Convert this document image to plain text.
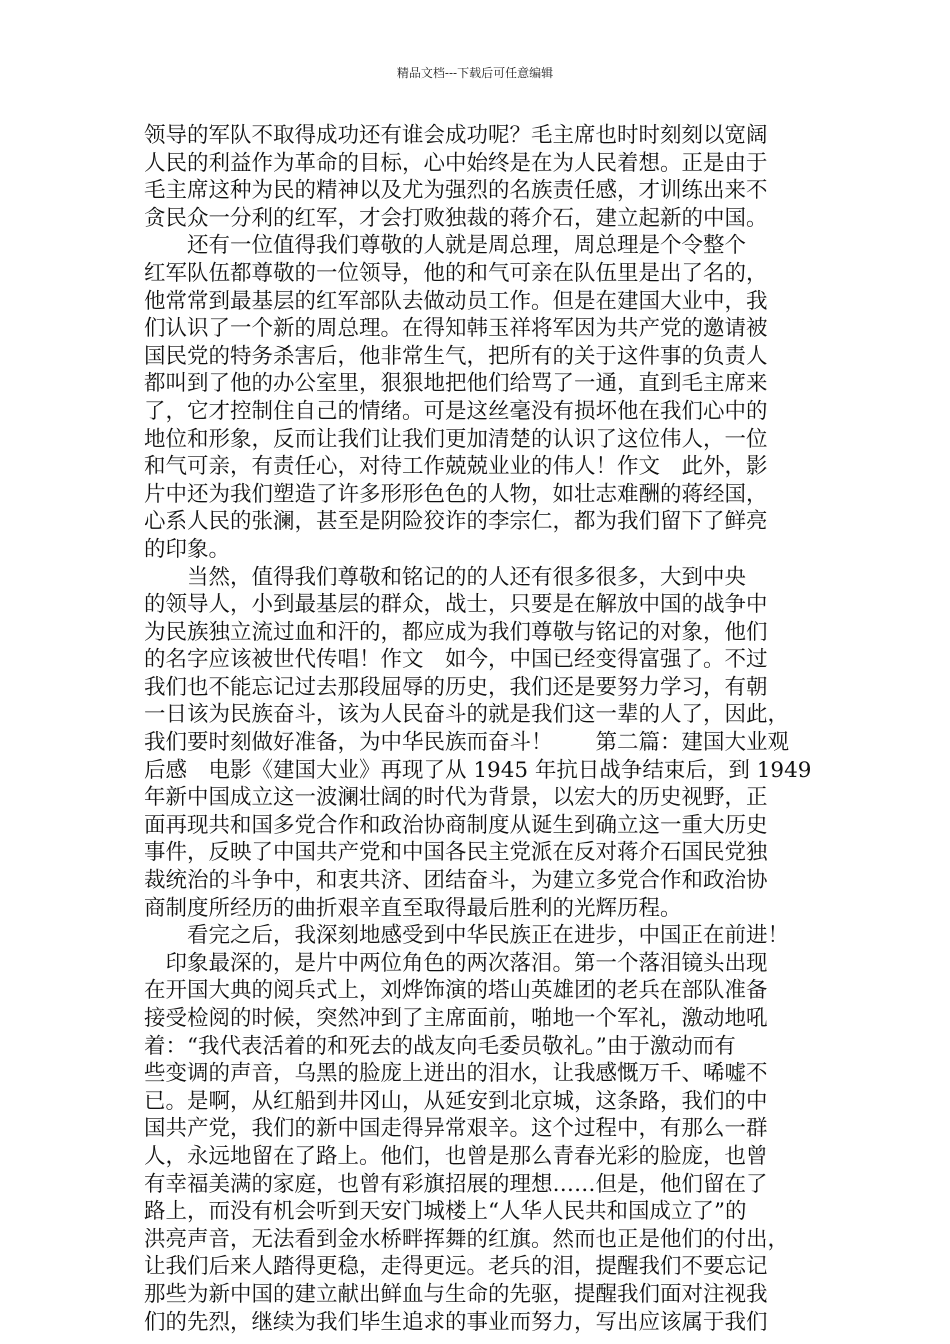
精品文档---下载后可任意编辑
领导的军队不取得成功还有谁会成功呢？毛主席也时时刻刻以宽阔
人民的利益作为革命的目标，心中始终是在为人民着想。正是由于
毛主席这种为民的精神以及尤为强烈的名族责任感，才训练出来不
贪民众一分利的红军，才会打败独裁的蒋介石，建立起新的中国。
　　还有一位值得我们尊敬的人就是周总理，周总理是个令整个
红军队伍都尊敬的一位领导，他的和气可亲在队伍里是出了名的，
他常常到最基层的红军部队去做动员工作。但是在建国大业中，我
们认识了一个新的周总理。在得知韩玉祥将军因为共产党的邀请被
国民党的特务杀害后，他非常生气，把所有的关于这件事的负责人
都叫到了他的办公室里，狠狠地把他们给骂了一通，直到毛主席来
了，它才控制住自己的情绪。可是这丝毫没有损坏他在我们心中的
地位和形象，反而让我们让我们更加清楚的认识了这位伟人，一位
和气可亲，有责任心，对待工作兢兢业业的伟人！作文　此外，影
片中还为我们塑造了许多形形色色的人物，如壮志难酬的蒋经国，
心系人民的张澜，甚至是阴险狡诈的李宗仁，都为我们留下了鲜亮
的印象。
　　当然，值得我们尊敬和铭记的的人还有很多很多，大到中央
的领导人，小到最基层的群众，战士，只要是在解放中国的战争中
为民族独立流过血和汗的，都应成为我们尊敬与铭记的对象，他们
的名字应该被世代传唱！作文　如今，中国已经变得富强了。不过
我们也不能忘记过去那段屈辱的历史，我们还是要努力学习，有朝
一日该为民族奋斗，该为人民奋斗的就是我们这一辈的人了，因此，
我们要时刻做好准备，为中华民族而奋斗！　　第二篇：建国大业观
后感　电影《建国大业》再现了从 1945 年抗日战争结束后，到 1949
年新中国成立这一波澜壮阔的时代为背景，以宏大的历史视野，正
面再现共和国多党合作和政治协商制度从诞生到确立这一重大历史
事件，反映了中国共产党和中国各民主党派在反对蒋介石国民党独
裁统治的斗争中，和衷共济、团结奋斗，为建立多党合作和政治协
商制度所经历的曲折艰辛直至取得最后胜利的光辉历程。
　　看完之后，我深刻地感受到中华民族正在进步，中国正在前进！
　印象最深的，是片中两位角色的两次落泪。第一个落泪镜头出现
在开国大典的阅兵式上，刘烨饰演的塔山英雄团的老兵在部队准备
接受检阅的时候，突然冲到了主席面前，啪地一个军礼，激动地吼
着：“我代表活着的和死去的战友向毛委员敬礼。”由于激动而有
些变调的声音，乌黑的脸庞上迸出的泪水，让我感慨万千、唏嘘不
已。是啊，从红船到井冈山，从延安到北京城，这条路，我们的中
国共产党，我们的新中国走得异常艰辛。这个过程中，有那么一群
人，永远地留在了路上。他们，也曾是那么青春光彩的脸庞，也曾
有幸福美满的家庭，也曾有彩旗招展的理想……但是，他们留在了
路上，而没有机会听到天安门城楼上“人华人民共和国成立了”的
洪亮声音，无法看到金水桥畔挥舞的红旗。然而也正是他们的付出，
让我们后来人踏得更稳，走得更远。老兵的泪，提醒我们不要忘记
那些为新中国的建立献出鲜血与生命的先驱，提醒我们面对注视我
们的先烈，继续为我们毕生追求的事业而努力，写出应该属于我们
